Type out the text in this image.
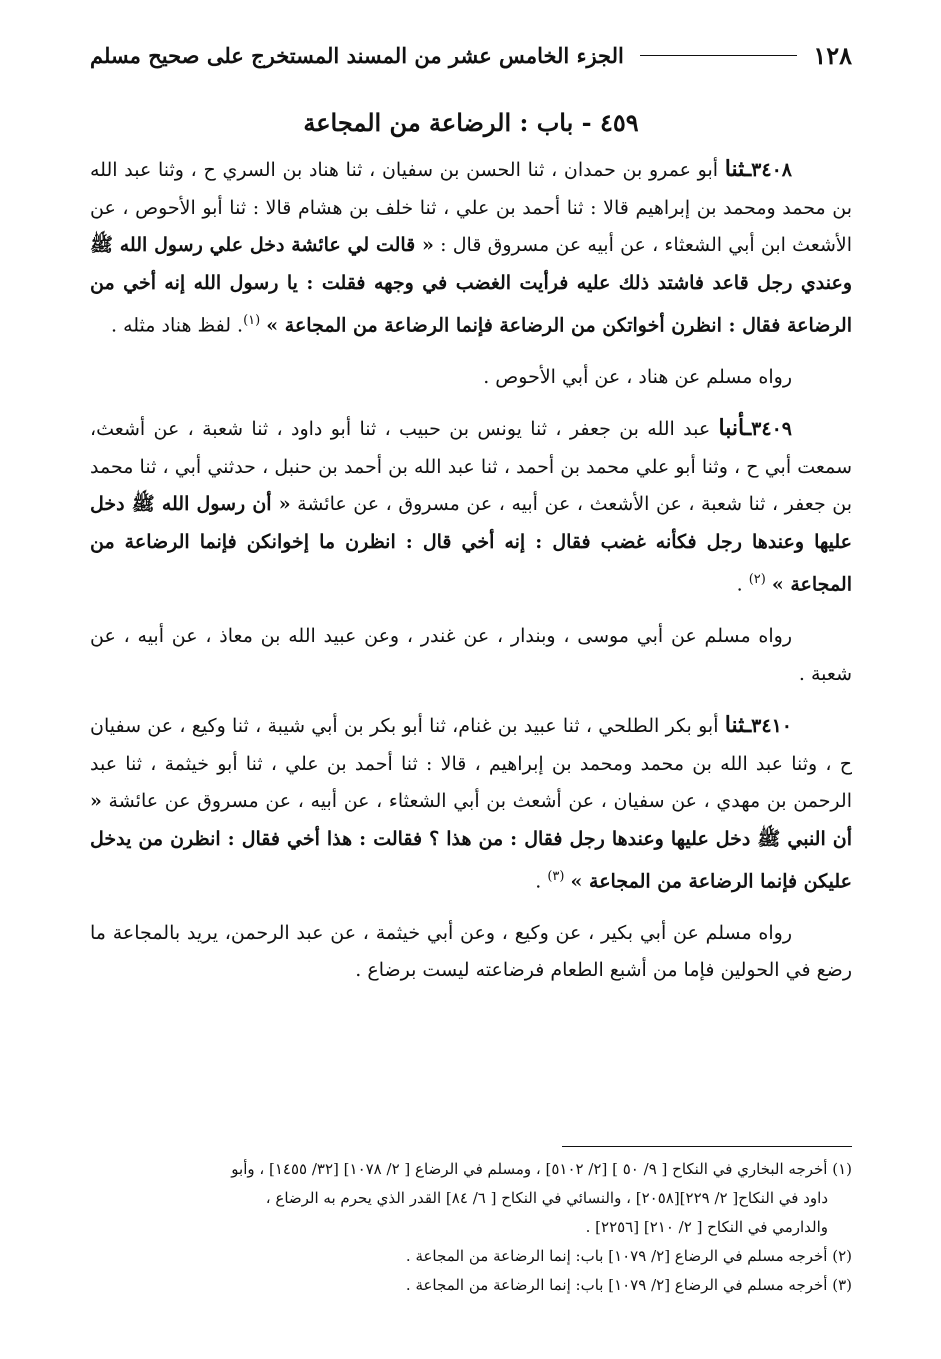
١٢٨
الجزء الخامس عشر من المسند المستخرج على صحيح مسلم
٤٥٩ - باب : الرضاعة من المجاعة

٣٤٠٨ـثنا أبو عمرو بن حمدان ، ثنا الحسن بن سفيان ، ثنا هناد بن السري ح ، وثنا عبد الله بن محمد ومحمد بن إبراهيم قالا : ثنا أحمد بن علي ، ثنا خلف بن هشام قالا : ثنا أبو الأحوص ، عن الأشعث ابن أبي الشعثاء ، عن أبيه عن مسروق قال : « قالت لي عائشة دخل علي رسول الله ﷺ وعندي رجل قاعد فاشتد ذلك عليه فرأيت الغضب في وجهه فقلت : يا رسول الله إنه أخي من الرضاعة فقال : انظرن أخواتكن من الرضاعة فإنما الرضاعة من المجاعة » $^{(١)}$. لفظ هناد مثله .

رواه مسلم عن هناد ، عن أبي الأحوص .

٣٤٠٩ـأنبا عبد الله بن جعفر ، ثنا يونس بن حبيب ، ثنا أبو داود ، ثنا شعبة ، عن أشعث، سمعت أبي ح ، وثنا أبو علي محمد بن أحمد ، ثنا عبد الله بن أحمد بن حنبل ، حدثني أبي ، ثنا محمد بن جعفر ، ثنا شعبة ، عن الأشعث ، عن أبيه ، عن مسروق ، عن عائشة « أن رسول الله ﷺ دخل عليها وعندها رجل فكأنه غضب فقال : إنه أخي قال : انظرن ما إخوانكن فإنما الرضاعة من المجاعة » $^{(٢)}$ .

رواه مسلم عن أبي موسى ، وبندار ، عن غندر ، وعن عبيد الله بن معاذ ، عن أبيه ، عن شعبة .

٣٤١٠ـثنا أبو بكر الطلحي ، ثنا عبيد بن غنام، ثنا أبو بكر بن أبي شيبة ، ثنا وكيع ، عن سفيان ح ، وثنا عبد الله بن محمد ومحمد بن إبراهيم ، قالا : ثنا أحمد بن علي ، ثنا أبو خيثمة ، ثنا عبد الرحمن بن مهدي ، عن سفيان ، عن أشعث بن أبي الشعثاء ، عن أبيه ، عن مسروق عن عائشة « أن النبي ﷺ دخل عليها وعندها رجل فقال : من هذا ؟ فقالت : هذا أخي فقال : انظرن من يدخل عليكن فإنما الرضاعة من المجاعة » $^{(٣)}$ .

رواه مسلم عن أبي بكير ، عن وكيع ، وعن أبي خيثمة ، عن عبد الرحمن، يريد بالمجاعة ما رضع في الحولين فإما من أشبع الطعام فرضاعته ليست برضاع .

(١) أخرجه البخاري في النكاح [ ٩/ ٥٠ ] [٢/ ٥١٠٢] ، ومسلم في الرضاع [ ٢/ ١٠٧٨] [٣٢/ ١٤٥٥] ، وأبو

داود في النكاح[ ٢/ ٢٢٩][٢٠٥٨] ، والنسائي في النكاح [ ٦/ ٨٤] القدر الذي يحرم به الرضاع ،

والدارمي في النكاح [ ٢/ ٢١٠] [٢٢٥٦] .

(٢) أخرجه مسلم في الرضاع [٢/ ١٠٧٩] باب: إنما الرضاعة من المجاعة .

(٣) أخرجه مسلم في الرضاع [٢/ ١٠٧٩] باب: إنما الرضاعة من المجاعة .
